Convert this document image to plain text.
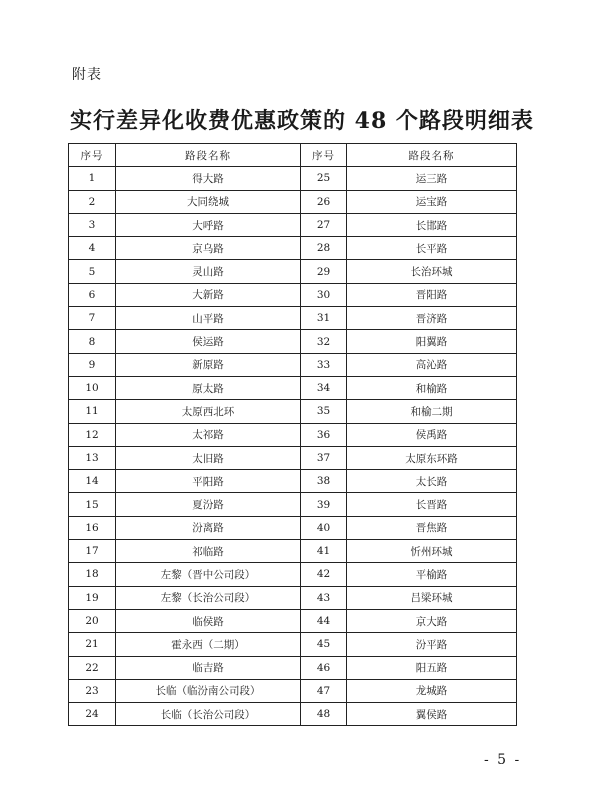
附表
实行差异化收费优惠政策的 48 个路段明细表
序号	路段名称	序号	路段名称
1	得大路	25	运三路
2	大同绕城	26	运宝路
3	大呼路	27	长邯路
4	京乌路	28	长平路
5	灵山路	29	长治环城
6	大新路	30	晋阳路
7	山平路	31	晋济路
8	侯运路	32	阳翼路
9	新原路	33	高沁路
10	原太路	34	和榆路
11	太原西北环	35	和榆二期
12	太祁路	36	侯禹路
13	太旧路	37	太原东环路
14	平阳路	38	太长路
15	夏汾路	39	长晋路
16	汾离路	40	晋焦路
17	祁临路	41	忻州环城
18	左黎（晋中公司段）	42	平榆路
19	左黎（长治公司段）	43	吕梁环城
20	临侯路	44	京大路
21	霍永西（二期）	45	汾平路
22	临吉路	46	阳五路
23	长临（临汾南公司段）	47	龙城路
24	长临（长治公司段）	48	翼侯路
- 5 -
